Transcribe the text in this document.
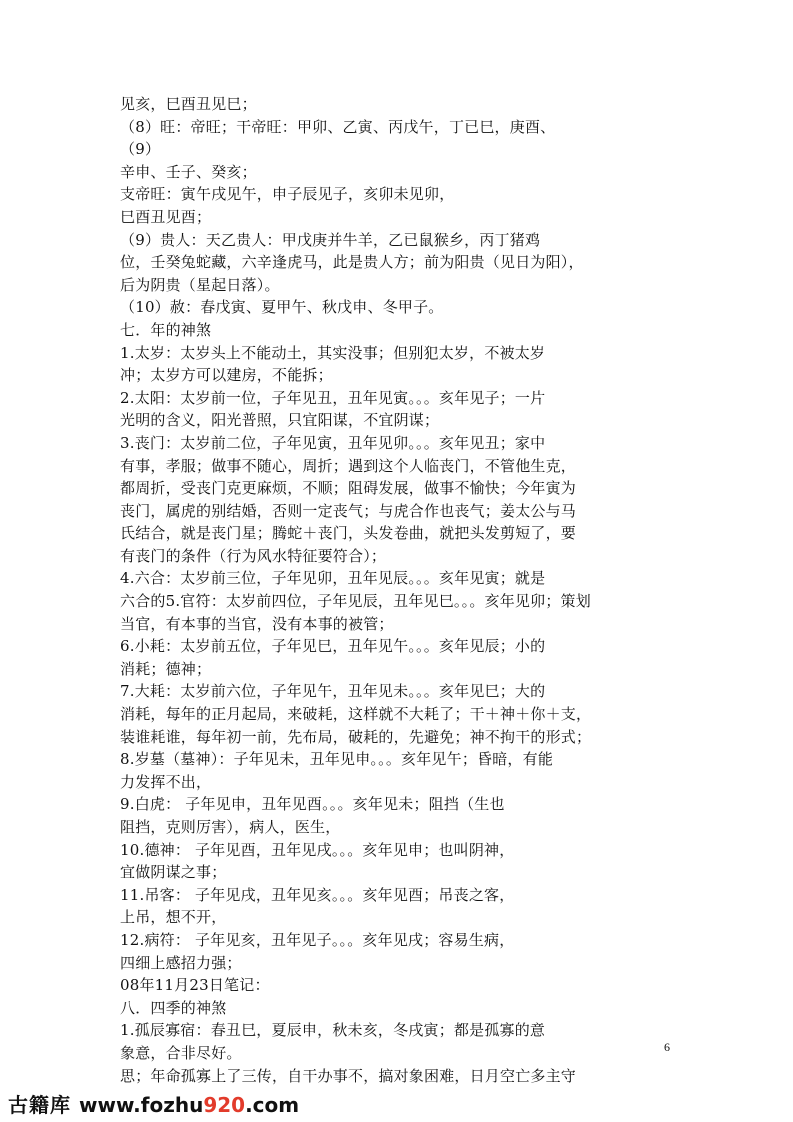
见亥，巳酉丑见巳；
（8）旺：帝旺；干帝旺：甲卯、乙寅、丙戊午，丁已巳，庚酉、
（9）
辛申、壬子、癸亥；
支帝旺：寅午戌见午，申子辰见子，亥卯未见卯，
巳酉丑见酉；
（9）贵人：天乙贵人：甲戊庚并牛羊，乙已鼠猴乡，丙丁猪鸡
位，壬癸兔蛇藏，六辛逢虎马，此是贵人方；前为阳贵（见日为阳），
后为阴贵（星起日落）。
（10）赦：春戊寅、夏甲午、秋戊申、冬甲子。
七．年的神煞
1.太岁：太岁头上不能动土，其实没事；但别犯太岁，不被太岁
冲；太岁方可以建房，不能拆；
2.太阳：太岁前一位，子年见丑，丑年见寅。。。亥年见子；一片
光明的含义，阳光普照，只宜阳谋，不宜阴谋；
3.丧门：太岁前二位，子年见寅，丑年见卯。。。亥年见丑；家中
有事，孝服；做事不随心，周折；遇到这个人临丧门，不管他生克，
都周折，受丧门克更麻烦，不顺；阻碍发展，做事不愉快；今年寅为
丧门，属虎的别结婚，否则一定丧气；与虎合作也丧气；姜太公与马
氏结合，就是丧门星；腾蛇＋丧门，头发卷曲，就把头发剪短了，要
有丧门的条件（行为风水特征要符合）；
4.六合：太岁前三位，子年见卯，丑年见辰。。。亥年见寅；就是
六合的5.官符：太岁前四位，子年见辰，丑年见巳。。。亥年见卯；策划
当官，有本事的当官，没有本事的被管；
6.小耗：太岁前五位，子年见巳，丑年见午。。。亥年见辰；小的
消耗；德神；
7.大耗：太岁前六位，子年见午，丑年见未。。。亥年见巳；大的
消耗，每年的正月起局，来破耗，这样就不大耗了；干＋神＋你＋支，
装谁耗谁，每年初一前，先布局，破耗的，先避免；神不拘干的形式；
8.岁墓（墓神）：子年见未，丑年见申。。。亥年见午；昏暗，有能
力发挥不出，
9.白虎： 子年见申，丑年见酉。。。亥年见未；阻挡（生也
阻挡，克则厉害），病人，医生，
10.德神： 子年见酉，丑年见戌。。。亥年见申；也叫阴神，
宜做阴谋之事；
11.吊客： 子年见戌，丑年见亥。。。亥年见酉；吊丧之客，
上吊，想不开，
12.病符： 子年见亥，丑年见子。。。亥年见戌；容易生病，
四细上感招力强；
08年11月23日笔记：
八．四季的神煞
1.孤辰寡宿：春丑巳，夏辰申，秋未亥，冬戌寅；都是孤寡的意
象意，合非尽好。
思；年命孤寡上了三传，自干办事不，搞对象困难，日月空亡多主守
6
古籍库 www.fozhu920.com
